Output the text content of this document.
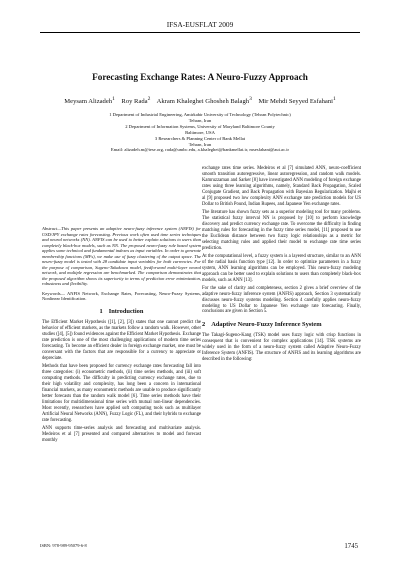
IFSA-EUSFLAT 2009
Forecasting Exchange Rates: A Neuro-Fuzzy Approach
Meysam Alizadeh$^1$ Roy Rada$^2$ Akram Khaleghei Ghosheh Balagh$^3$ Mir Mehdi Seyyed Esfahani$^1$
1 Department of Industrial Engineering, Amirkabir University of Technology (Tehran Polytechnic)
Tehran, Iran
2 Department of Information Systems, University of Maryland Baltimore County
Baltimore, USA
3 Researchers & Planning Center of Bank Mellat
Tehran, Iran
Email: alizadeh.m@iese.org, rada@umbc.edu, a.khaleghei@bankmellat.ir, msesfahani@aut.ac.ir

Abstract—This paper presents an adaptive neuro-fuzzy inference system (ANFIS) for USD/JPY exchange rates forecasting. Previous work often used time series techniques and neural networks (NN). ANFIS can be used to better explain solutions to users than completely black-box models, such as NN. The proposed neuro-fuzzy rule based system applies some technical and fundamental indexes as input variables. In order to generate membership functions (MFs), we make use of fuzzy clustering of the output space. The neuro-fuzzy model is tested with 28 candidate input variables for both currencies. For the purpose of comparison, Sugeno-Takakawa model, feedforward multi-layer neural network, and multiple regression are benchmarked. The comparison demonstrates that the proposed algorithm shows its superiority in terms of prediction error minimization, robustness and flexibility.

Keywords— ANFIS Network, Exchange Rates, Forecasting, Neuro-Fuzzy Systems, Nonlinear Identification.

1 Introduction

The Efficient Market Hypothesis ([1], [2], [3]) states that one cannot predict the behavior of efficient markets, as the markets follow a random walk. However, other studies ([4], [5]) found evidences against the Efficient Market Hypothesis. Exchange rate prediction is one of the most challenging applications of modern time series forecasting. To become an efficient dealer in foreign exchange market, one must be conversant with the factors that are responsible for a currency to appreciate or depreciate.

Methods that have been proposed for currency exchange rates forecasting fall into three categories: (i) econometric methods, (ii) time series methods, and (iii) soft computing methods. The difficulty in predicting currency exchange rates, due to their high volatility and complexity, has long been a concern in international financial markets, as many econometric methods are unable to produce significantly better forecasts than the random walk model [6]. Time series methods have their limitations for multidimensional time series with mutual non-linear dependencies. Most recently, researchers have applied soft computing tools such as multilayer Artificial Neural Networks (ANN), Fuzzy Logic (FL), and their hybrids to exchange rate forecasting.

ANN supports time-series analysis and forecasting and multivariate analysis. Medeiros et al [7] presented and compared alternatives to model and forecast monthly

exchange rates time series. Medeiros et al [7] simulated ANN, neuro-coefficient smooth transition autoregressive, linear autoregression, and random walk models. Kamruzzaman and Sarker [8] have investigated ANN modeling of foreign exchange rates using three learning algorithms, namely, Standard Back Propagation, Scaled Conjugate Gradient, and Back Propagation with Bayesian Regularization. Majhi et al [9] proposed two low complexity ANN exchange rate prediction models for US Dollar to British Pound, Indian Rupees, and Japanese Yen exchange rates.

The literature has shown fuzzy sets as a superior modeling tool for many problems. The statistical fuzzy interval NN is proposed by [10] to perform knowledge discovery and predict currency exchange rate. To overcome the difficulty in finding matching rules for forecasting in the fuzzy time series model, [11] proposed to use the Euclidean distance between two fuzzy logic relationships as a metric for selecting matching rules and applied their model to exchange rate time series prediction.

At the computational level, a fuzzy system is a layered structure, similar to an ANN of the radial basis function type [12]. In order to optimize parameters in a fuzzy system, ANN learning algorithms can be employed. This neuro-fuzzy modeling approach can be better used to explain solutions to users than completely black-box models, such as ANN [13].

For the sake of clarity and completeness, section 2 gives a brief overview of the adaptive neuro-fuzzy inference system (ANFIS) approach, Section 3 systematically discusses neuro-fuzzy systems modeling. Section 4 carefully applies neuro-fuzzy modeling to US Dollar to Japanese Yen exchange rate forecasting. Finally, conclusions are given in Section 5.

2 Adaptive Neuro-Fuzzy Inference System

The Takagi-Sugeno-Kang (TSK) model uses fuzzy logic with crisp functions in consequent that is convenient for complex applications [14]. TSK systems are widely used in the form of a neuro-fuzzy system called Adaptive Neuro-Fuzzy Inference System (ANFIS). The structure of ANFIS and its learning algorithms are described in the following:

ISBN: 978-989-95079-6-8	1745
